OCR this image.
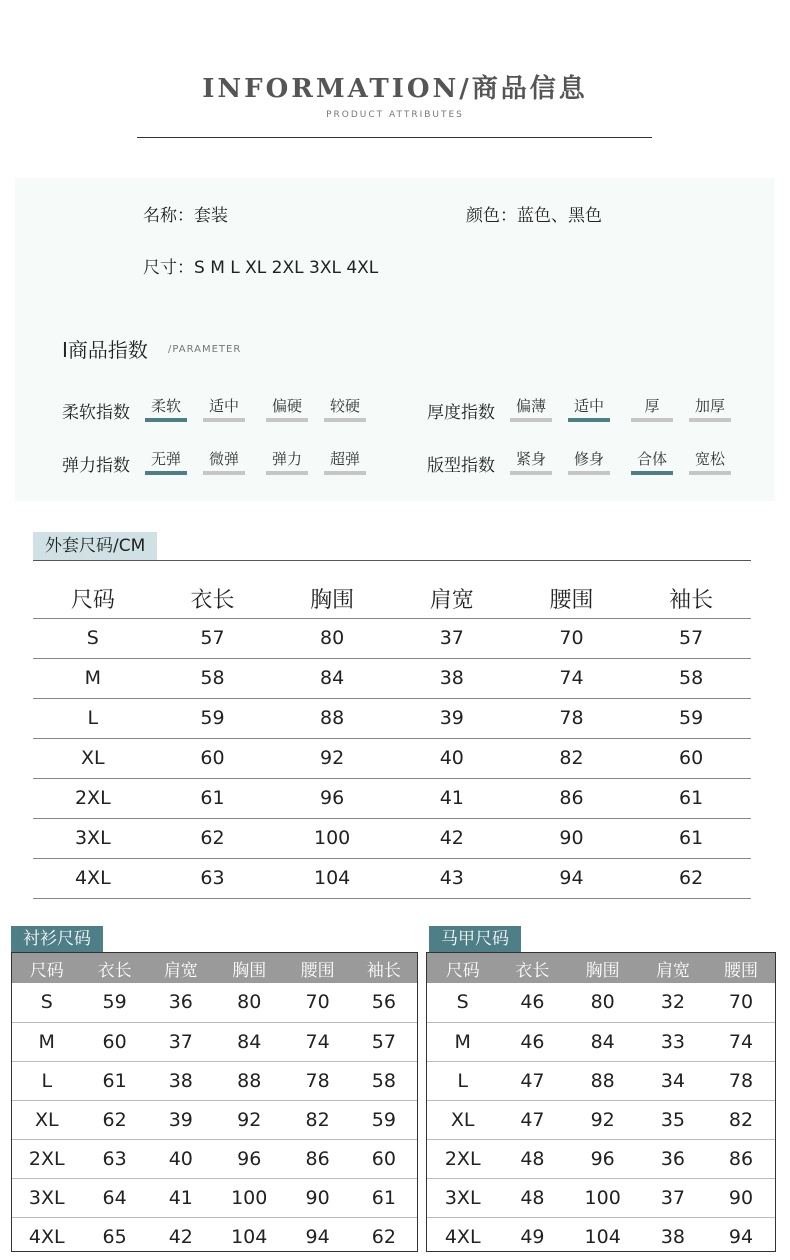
INFORMATION/商品信息
PRODUCT ATTRIBUTES
名称：套装	颜色：蓝色、黑色
尺寸：S M L XL 2XL 3XL 4XL
I商品指数 /PARAMETER
柔软指数	柔软	适中	偏硬	较硬	厚度指数	偏薄	适中	厚	加厚
弹力指数	无弹	微弹	弹力	超弹	版型指数	紧身	修身	合体	宽松
外套尺码/CM
尺码	衣长	胸围	肩宽	腰围	袖长
S	57	80	37	70	57
M	58	84	38	74	58
L	59	88	39	78	59
XL	60	92	40	82	60
2XL	61	96	41	86	61
3XL	62	100	42	90	61
4XL	63	104	43	94	62
衬衫尺码
尺码	衣长	肩宽	胸围	腰围	袖长
S	59	36	80	70	56
M	60	37	84	74	57
L	61	38	88	78	58
XL	62	39	92	82	59
2XL	63	40	96	86	60
3XL	64	41	100	90	61
4XL	65	42	104	94	62
马甲尺码
尺码	衣长	胸围	肩宽	腰围
S	46	80	32	70
M	46	84	33	74
L	47	88	34	78
XL	47	92	35	82
2XL	48	96	36	86
3XL	48	100	37	90
4XL	49	104	38	94
